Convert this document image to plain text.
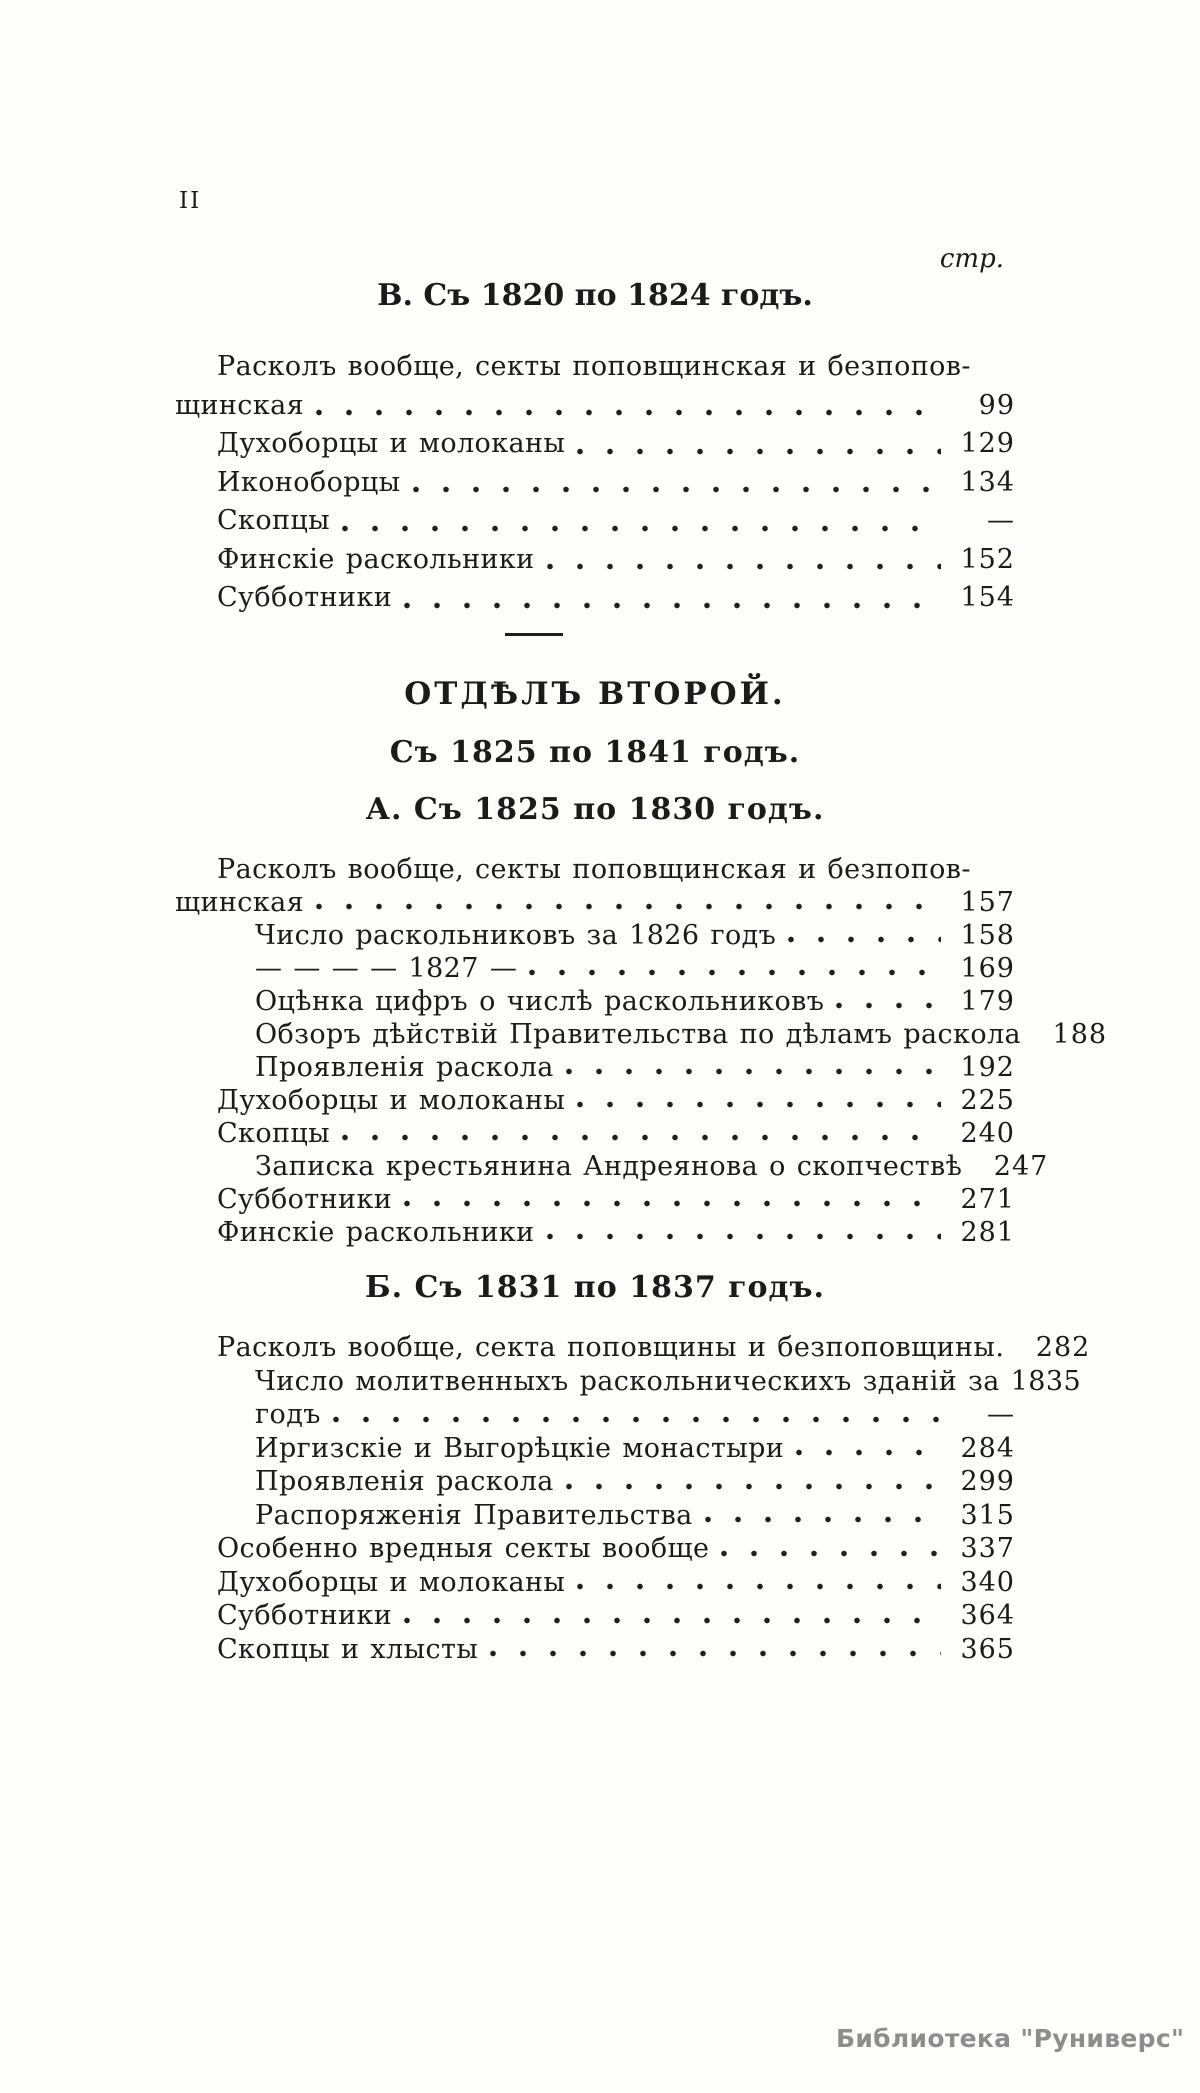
II
стр.
В. Съ 1820 по 1824 годъ.
Расколъ вообще, секты поповщинская и безпопов-
щинская	99
Духоборцы и молоканы	129
Иконоборцы	134
Скопцы	—
Финскіе раскольники	152
Субботники	154
ОТДѢЛЪ ВТОРОЙ.
Съ 1825 по 1841 годъ.
А. Съ 1825 по 1830 годъ.
Расколъ вообще, секты поповщинская и безпопов-
щинская	157
Число раскольниковъ за 1826 годъ	158
— — — — 1827 —	169
Оцѣнка цифръ о числѣ раскольниковъ	179
Обзоръ дѣйствій Правительства по дѣламъ раскола	188
Проявленія раскола	192
Духоборцы и молоканы	225
Скопцы	240
Записка крестьянина Андреянова о скопчествѣ	247
Субботники	271
Финскіе раскольники	281
Б. Съ 1831 по 1837 годъ.
Расколъ вообще, секта поповщины и безпоповщины.	282
Число молитвенныхъ раскольническихъ зданій за 1835
годъ	—
Иргизскіе и Выгорѣцкіе монастыри	284
Проявленія раскола	299
Распоряженія Правительства	315
Особенно вредныя секты вообще	337
Духоборцы и молоканы	340
Субботники	364
Скопцы и хлысты	365
Библиотека "Руниверс"
